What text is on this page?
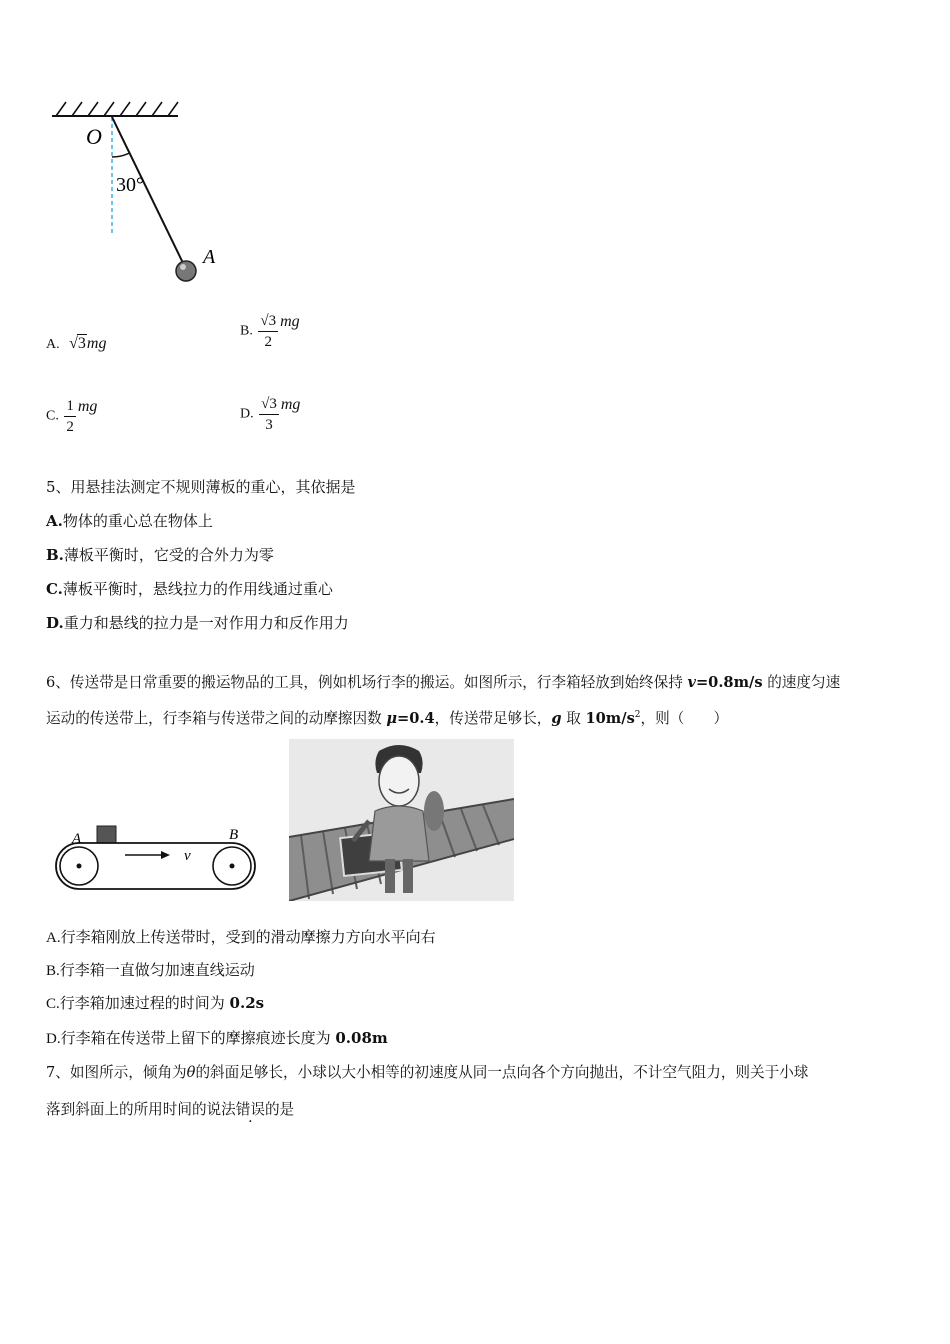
O
30°
A
A. √3mg
B. $\frac{√3}{2}$ mg
C. $\frac{1}{2}$ mg	D. $\frac{√3}{3}$ mg
5、用悬挂法测定不规则薄板的重心，其依据是
A.物体的重心总在物体上
B.薄板平衡时，它受的合外力为零
C.薄板平衡时，悬线拉力的作用线通过重心
D.重力和悬线的拉力是一对作用力和反作用力
6、传送带是日常重要的搬运物品的工具，例如机场行李的搬运。如图所示，行李箱轻放到始终保持 v=0.8m/s 的速度匀速
运动的传送带上，行李箱与传送带之间的动摩擦因数 μ=0.4，传送带足够长，g 取 $10m/s^2$，则（　　）
A	B
v
A.行李箱刚放上传送带时，受到的滑动摩擦力方向水平向右
B.行李箱一直做匀加速直线运动
C.行李箱加速过程的时间为 0.2s
D.行李箱在传送带上留下的摩擦痕迹长度为 0.08m
7、如图所示，倾角为θ的斜面足够长，小球以大小相等的初速度从同一点向各个方向抛出，不计空气阻力，则关于小球
落到斜面上的所用时间的说法错误的是
